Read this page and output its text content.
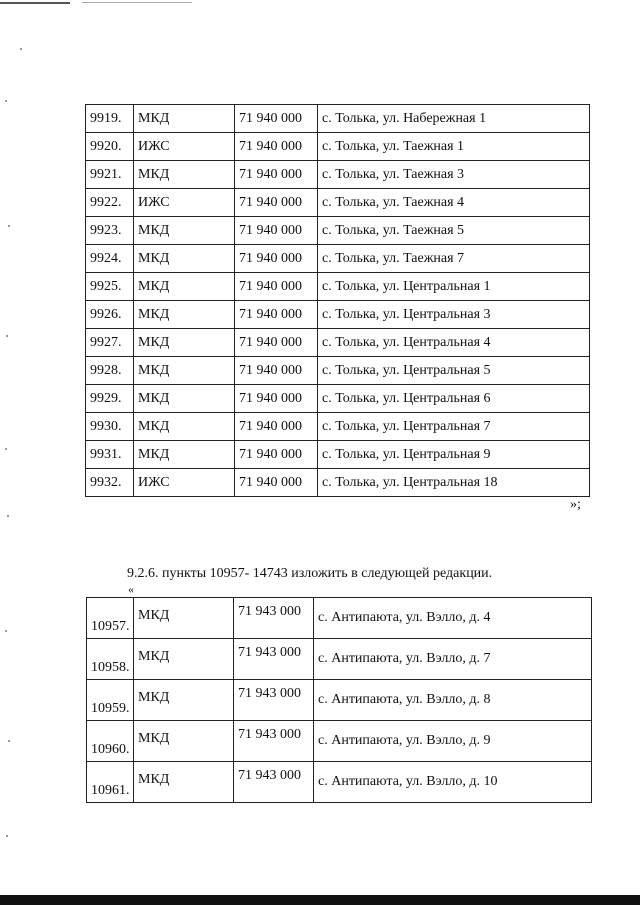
9919.	МКД	71 940 000	с. Толька, ул. Набережная 1
9920.	ИЖС	71 940 000	с. Толька, ул. Таежная 1
9921.	МКД	71 940 000	с. Толька, ул. Таежная 3
9922.	ИЖС	71 940 000	с. Толька, ул. Таежная 4
9923.	МКД	71 940 000	с. Толька, ул. Таежная 5
9924.	МКД	71 940 000	с. Толька, ул. Таежная 7
9925.	МКД	71 940 000	с. Толька, ул. Центральная 1
9926.	МКД	71 940 000	с. Толька, ул. Центральная 3
9927.	МКД	71 940 000	с. Толька, ул. Центральная 4
9928.	МКД	71 940 000	с. Толька, ул. Центральная 5
9929.	МКД	71 940 000	с. Толька, ул. Центральная 6
9930.	МКД	71 940 000	с. Толька, ул. Центральная 7
9931.	МКД	71 940 000	с. Толька, ул. Центральная 9
9932.	ИЖС	71 940 000	с. Толька, ул. Центральная 18
»;
9.2.6. пункты 10957- 14743 изложить в следующей редакции.
«
10957.	МКД	71 943 000	с. Антипаюта, ул. Вэлло, д. 4
10958.	МКД	71 943 000	с. Антипаюта, ул. Вэлло, д. 7
10959.	МКД	71 943 000	с. Антипаюта, ул. Вэлло, д. 8
10960.	МКД	71 943 000	с. Антипаюта, ул. Вэлло, д. 9
10961.	МКД	71 943 000	с. Антипаюта, ул. Вэлло, д. 10
